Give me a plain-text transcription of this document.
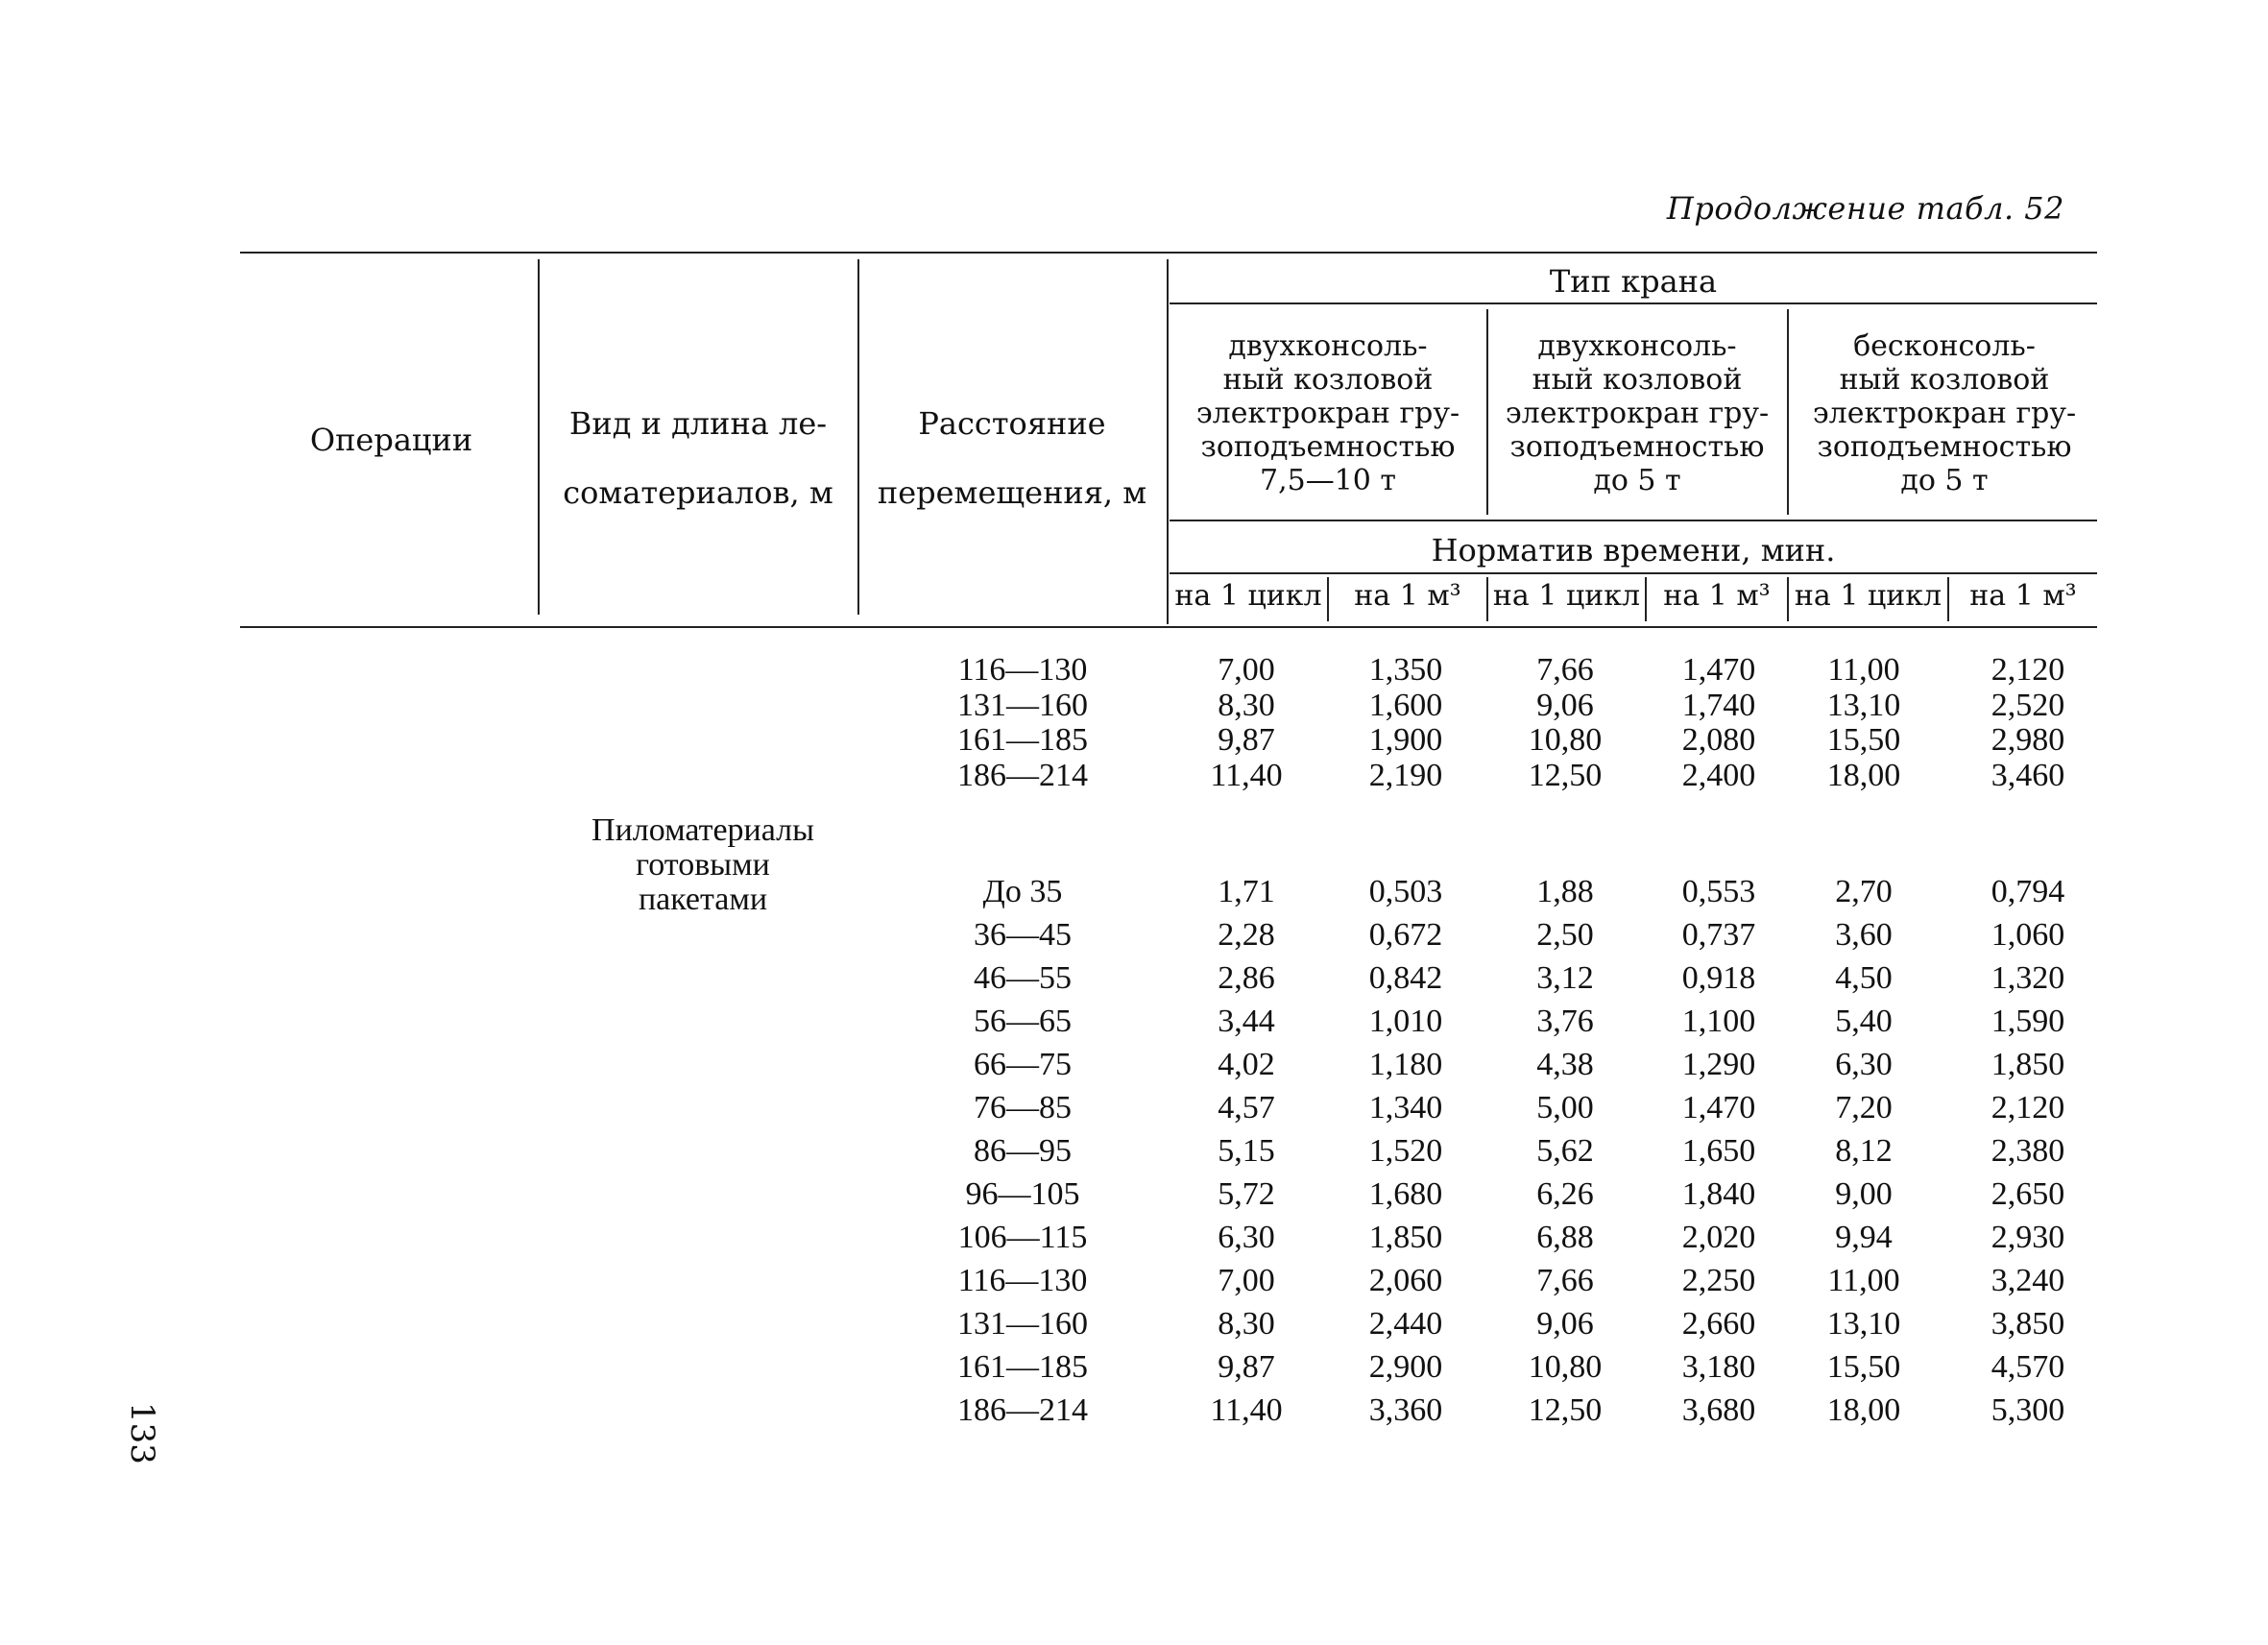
Продолжение табл. 52
Операции	Вид и длина ле-
соматериалов, м
Расстояние
перемещения, м
Тип крана
двухконсоль-
ный козловой
электрокран гру-
зоподъемностью
7,5—10 т
двухконсоль-
ный козловой
электрокран гру-
зоподъемностью
до 5 т
бесконсоль-
ный козловой
электрокран гру-
зоподъемностью
до 5 т
Норматив времени, мин.
на 1 цикл	на 1 м³	на 1 цикл на 1 м³ на 1 цикл на 1 м³
Пиломатериалы
готовыми
пакетами
116—130	7,00	1,350	7,66	1,470	11,00	2,120
131—160	8,30	1,600	9,06	1,740	13,10	2,520
161—185	9,87	1,900	10,80	2,080	15,50	2,980
186—214	11,40	2,190	12,50	2,400	18,00	3,460
До 35	1,71	0,503	1,88	0,553	2,70	0,794
36—45	2,28	0,672	2,50	0,737	3,60	1,060
46—55	2,86	0,842	3,12	0,918	4,50	1,320
56—65	3,44	1,010	3,76	1,100	5,40	1,590
66—75	4,02	1,180	4,38	1,290	6,30	1,850
76—85	4,57	1,340	5,00	1,470	7,20	2,120
86—95	5,15	1,520	5,62	1,650	8,12	2,380
96—105	5,72	1,680	6,26	1,840	9,00	2,650
106—115	6,30	1,850	6,88	2,020	9,94	2,930
116—130	7,00	2,060	7,66	2,250	11,00	3,240
131—160	8,30	2,440	9,06	2,660	13,10	3,850
161—185	9,87	2,900	10,80	3,180	15,50	4,570
186—214	11,40	3,360	12,50	3,680	18,00	5,300
133
